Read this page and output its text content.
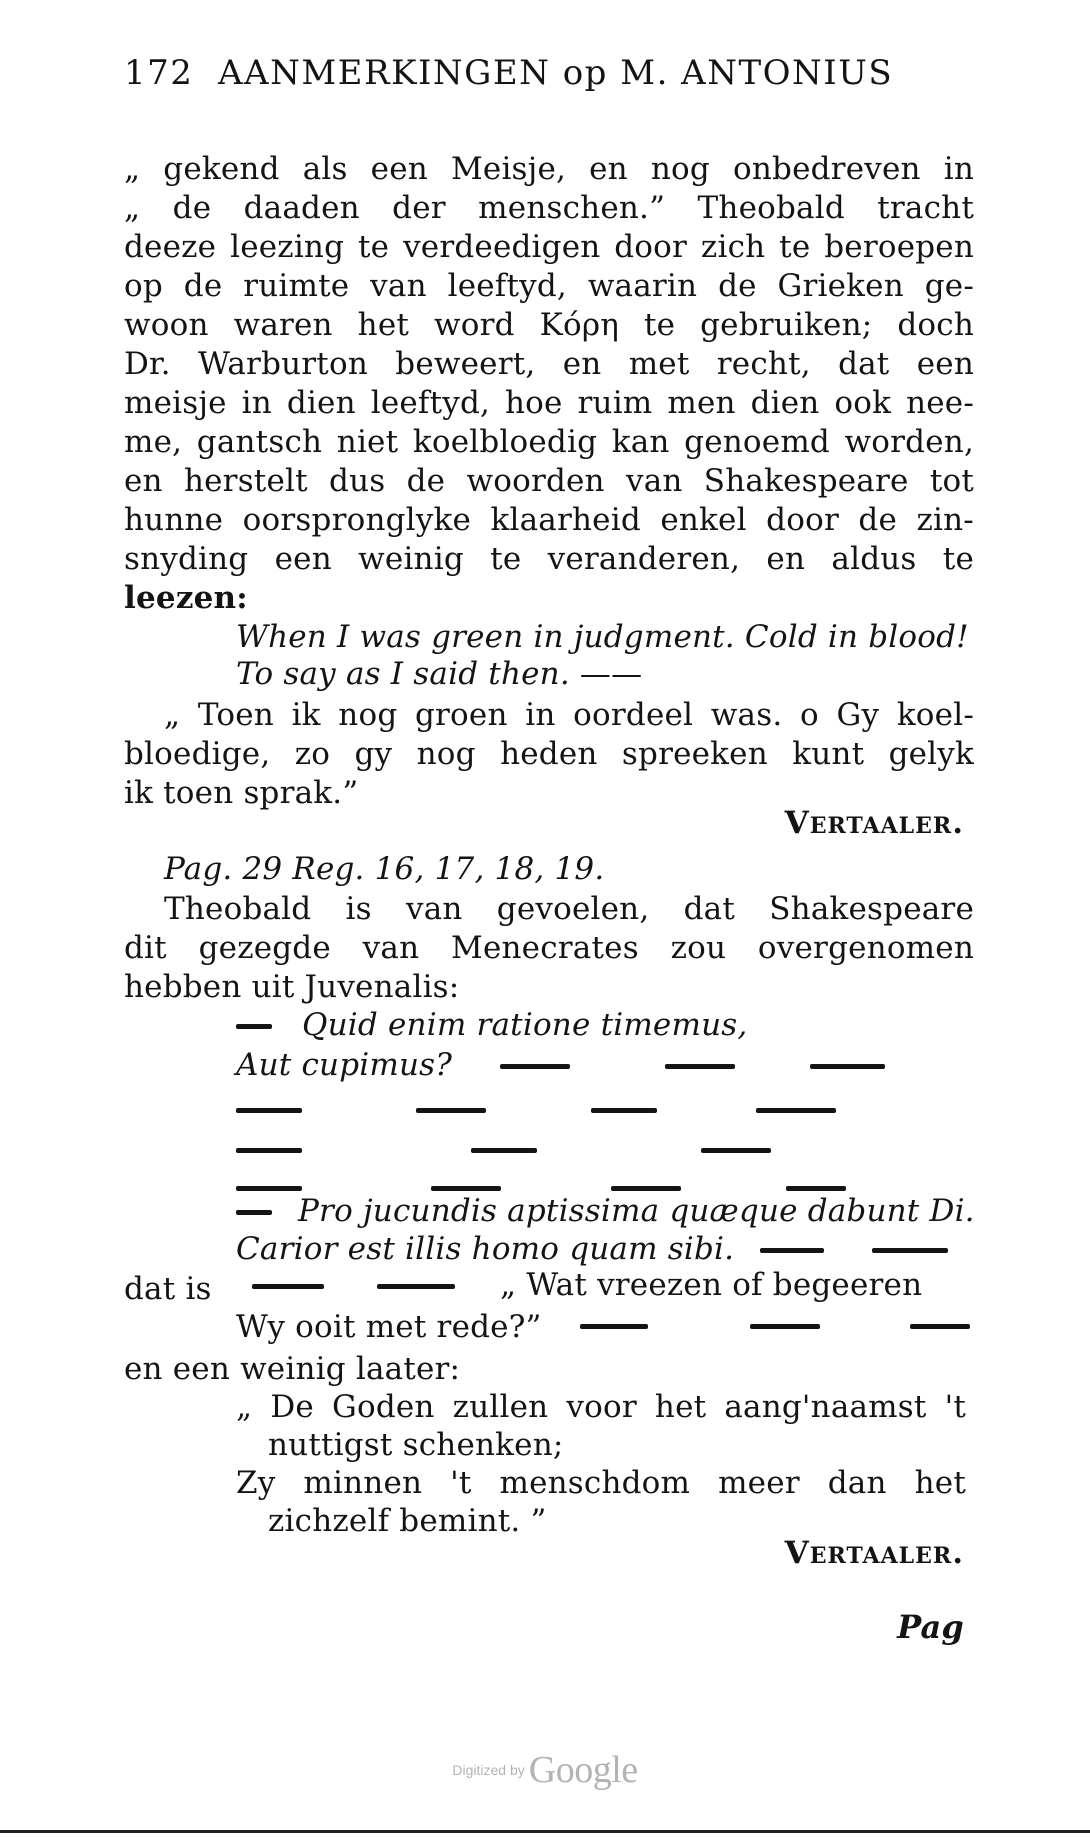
172 AANMERKINGEN op M. ANTONIUS
„ gekend als een Meisje, en nog onbedreven in
„ de daaden der menschen.” Theobald tracht
deeze leezing te verdeedigen door zich te beroepen
op de ruimte van leeftyd, waarin de Grieken ge-
woon waren het word Κόρη te gebruiken; doch
Dr. Warburton beweert, en met recht, dat een
meisje in dien leeftyd, hoe ruim men dien ook nee-
me, gantsch niet koelbloedig kan genoemd worden,
en herstelt dus de woorden van Shakespeare tot
hunne oorspronglyke klaarheid enkel door de zin-
snyding een weinig te veranderen, en aldus te
leezen:
When I was green in judgment. Cold in blood!
To say as I said then. ——
„ Toen ik nog groen in oordeel was. o Gy koel-
bloedige, zo gy nog heden spreeken kunt gelyk
ik toen sprak.”
Vertaaler.
Pag. 29 Reg. 16, 17, 18, 19.
Theobald is van gevoelen, dat Shakespeare
dit gezegde van Menecrates zou overgenomen
hebben uit Juvenalis:
Quid enim ratione timemus,
Aut cupimus?
Pro jucundis aptissima quæque dabunt Di.
Carior est illis homo quam sibi.
dat is	„ Wat vreezen of begeeren
Wy ooit met rede?”
en een weinig laater:
„ De Goden zullen voor het aang'naamst 't
nuttigst schenken;
Zy minnen 't menschdom meer dan het
zichzelf bemint. ”
Vertaaler.
Pag
Digitized by Google
